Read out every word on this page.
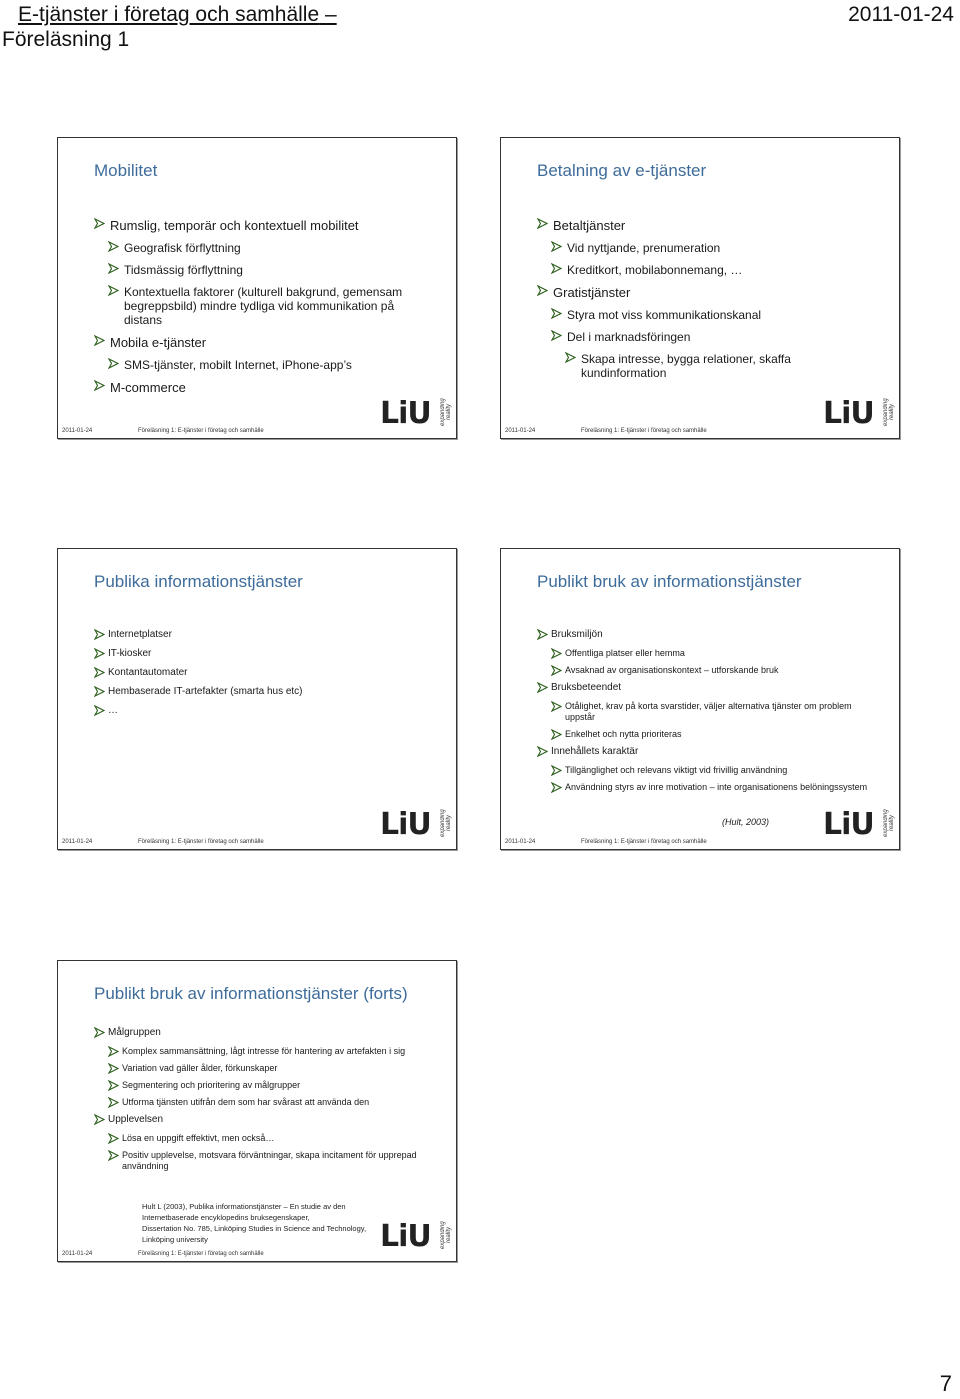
E-tjänster i företag och samhälle –
Föreläsning 1
2011-01-24
Mobilitet
Rumslig, temporär och kontextuell mobilitet
Geografisk förflyttning
Tidsmässig förflyttning
Kontextuella faktorer (kulturell bakgrund, gemensam begreppsbild) mindre tydliga vid kommunikation på distans
Mobila e-tjänster
SMS-tjänster, mobilt Internet, iPhone-app’s
M-commerce
2011-01-24	Föreläsning 1: E-tjänster i företag och samhälle	LiU expanding reality
Betalning av e-tjänster
Betaltjänster
Vid nyttjande, prenumeration
Kreditkort, mobilabonnemang, …
Gratistjänster
Styra mot viss kommunikationskanal
Del i marknadsföringen
Skapa intresse, bygga relationer, skaffa kundinformation
2011-01-24	Föreläsning 1: E-tjänster i företag och samhälle	LiU expanding reality
Publika informationstjänster
Internetplatser
IT-kiosker
Kontantautomater
Hembaserade IT-artefakter (smarta hus etc)
…
2011-01-24	Föreläsning 1: E-tjänster i företag och samhälle	LiU expanding reality
Publikt bruk av informationstjänster
Bruksmiljön
Offentliga platser eller hemma
Avsaknad av organisationskontext – utforskande bruk
Bruksbeteendet
Otålighet, krav på korta svarstider, väljer alternativa tjänster om problem uppstår
Enkelhet och nytta prioriteras
Innehållets karaktär
Tillgänglighet och relevans viktigt vid frivillig användning
Användning styrs av inre motivation – inte organisationens belöningssystem
(Hult, 2003)
2011-01-24	Föreläsning 1: E-tjänster i företag och samhälle	LiU expanding reality
Publikt bruk av informationstjänster (forts)
Målgruppen
Komplex sammansättning, lågt intresse för hantering av artefakten i sig
Variation vad gäller ålder, förkunskaper
Segmentering och prioritering av målgrupper
Utforma tjänsten utifrån dem som har svårast att använda den
Upplevelsen
Lösa en uppgift effektivt, men också…
Positiv upplevelse, motsvara förväntningar, skapa incitament för upprepad användning
Hult L (2003), Publika informationstjänster – En studie av den
Internetbaserade encyklopedins bruksegenskaper,
Dissertation No. 785, Linköping Studies in Science and Technology,
Linköping university
2011-01-24	Föreläsning 1: E-tjänster i företag och samhälle	LiU expanding reality
7
